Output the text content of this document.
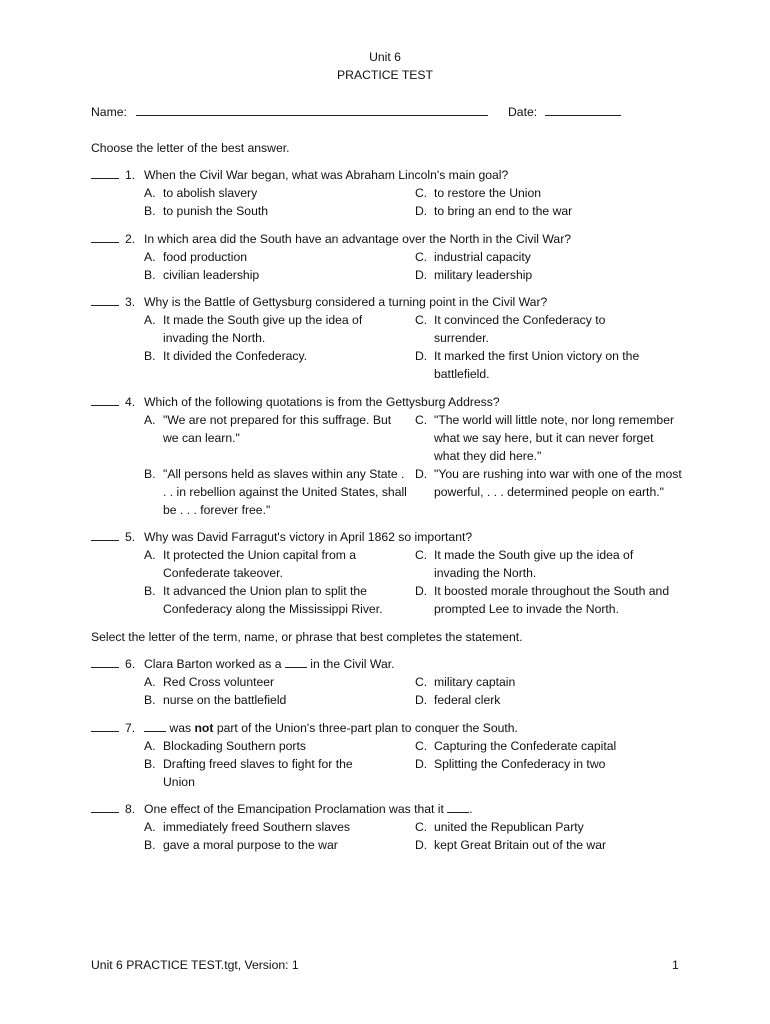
Unit 6
PRACTICE TEST
Name:	Date:
Choose the letter of the best answer.
1. When the Civil War began, what was Abraham Lincoln's main goal?
A. to abolish slavery
B. to punish the South
C. to restore the Union
D. to bring an end to the war
2. In which area did the South have an advantage over the North in the Civil War?
A. food production
B. civilian leadership
C. industrial capacity
D. military leadership
3. Why is the Battle of Gettysburg considered a turning point in the Civil War?
A. It made the South give up the idea of invading the North.
B. It divided the Confederacy.
C. It convinced the Confederacy to surrender.
D. It marked the first Union victory on the battlefield.
4. Which of the following quotations is from the Gettysburg Address?
A. "We are not prepared for this suffrage. But we can learn."
B. "All persons held as slaves within any State . . . in rebellion against the United States, shall be . . . forever free."
C. "The world will little note, nor long remember what we say here, but it can never forget what they did here."
D. "You are rushing into war with one of the most powerful, . . . determined people on earth."
5. Why was David Farragut's victory in April 1862 so important?
A. It protected the Union capital from a Confederate takeover.
B. It advanced the Union plan to split the Confederacy along the Mississippi River.
C. It made the South give up the idea of invading the North.
D. It boosted morale throughout the South and prompted Lee to invade the North.
Select the letter of the term, name, or phrase that best completes the statement.
6. Clara Barton worked as a in the Civil War.
A. Red Cross volunteer
B. nurse on the battlefield
C. military captain
D. federal clerk
7.	was not part of the Union's three-part plan to conquer the South.
A. Blockading Southern ports
B. Drafting freed slaves to fight for the Union
C. Capturing the Confederate capital
D. Splitting the Confederacy in two
8. One effect of the Emancipation Proclamation was that it .
A. immediately freed Southern slaves
B. gave a moral purpose to the war
C. united the Republican Party
D. kept Great Britain out of the war
Unit 6 PRACTICE TEST.tgt, Version: 1	1
